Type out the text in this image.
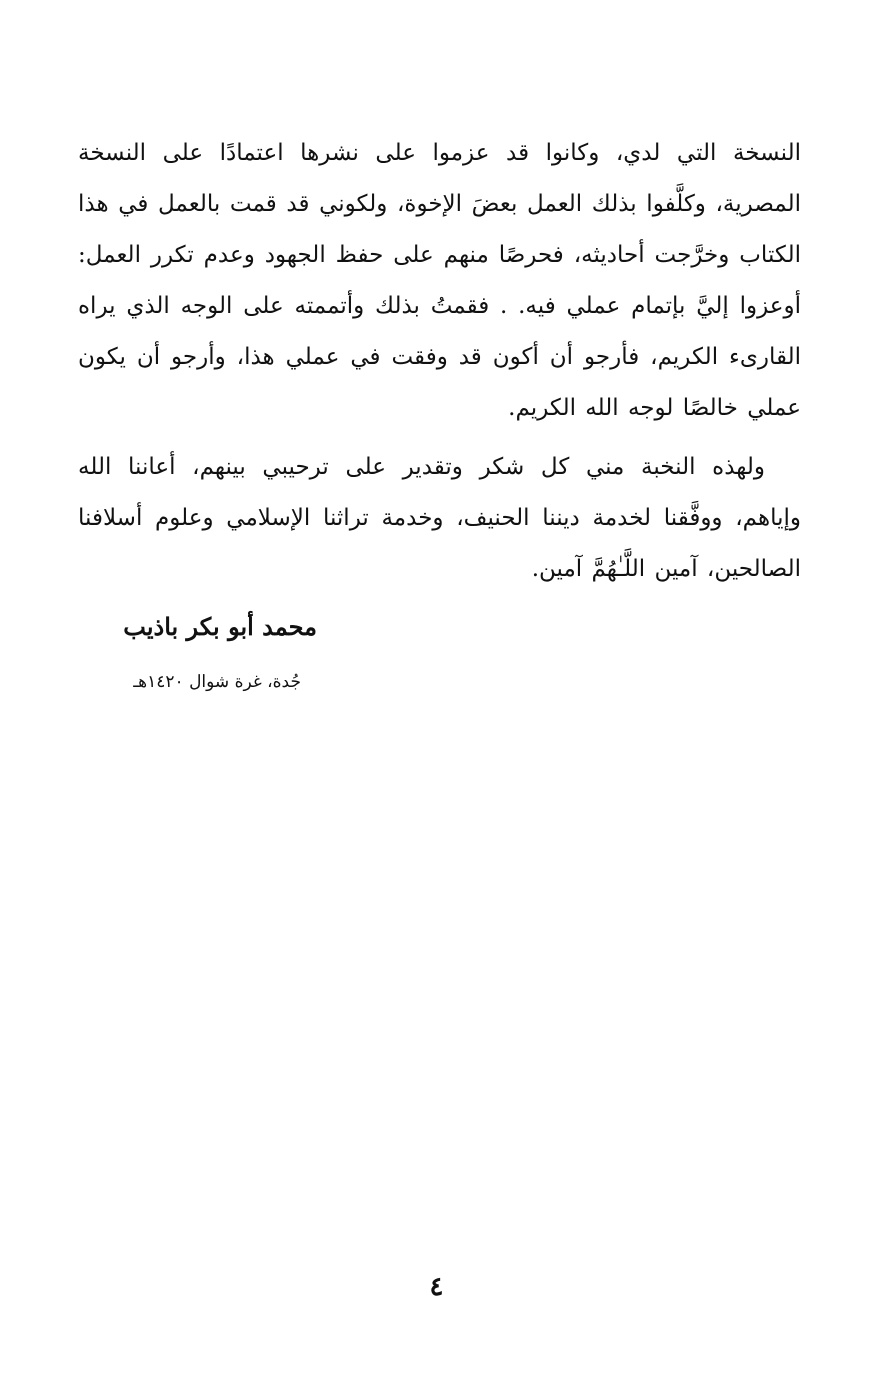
النسخة التي لدي، وكانوا قد عزموا على نشرها اعتمادًا على النسخة المصرية، وكلَّفوا بذلك العمل بعضَ الإخوة، ولكوني قد قمت بالعمل في هذا الكتاب وخرَّجت أحاديثه، فحرصًا منهم على حفظ الجهود وعدم تكرر العمل: أوعزوا إليَّ بإتمام عملي فيه. . فقمتُ بذلك وأتممته على الوجه الذي يراه القارىء الكريم، فأرجو أن أكون قد وفقت في عملي هذا، وأرجو أن يكون عملي خالصًا لوجه الله الكريم.

ولهذه النخبة مني كل شكر وتقدير على ترحيبي بينهم، أعاننا الله وإياهم، ووفَّقنا لخدمة ديننا الحنيف، وخدمة تراثنا الإسلامي وعلوم أسلافنا الصالحين، آمين اللَّـٰهُمَّ آمين.

محمد أبو بكر باذيب

جُدة، غرة شوال ١٤٢٠هـ

٤
